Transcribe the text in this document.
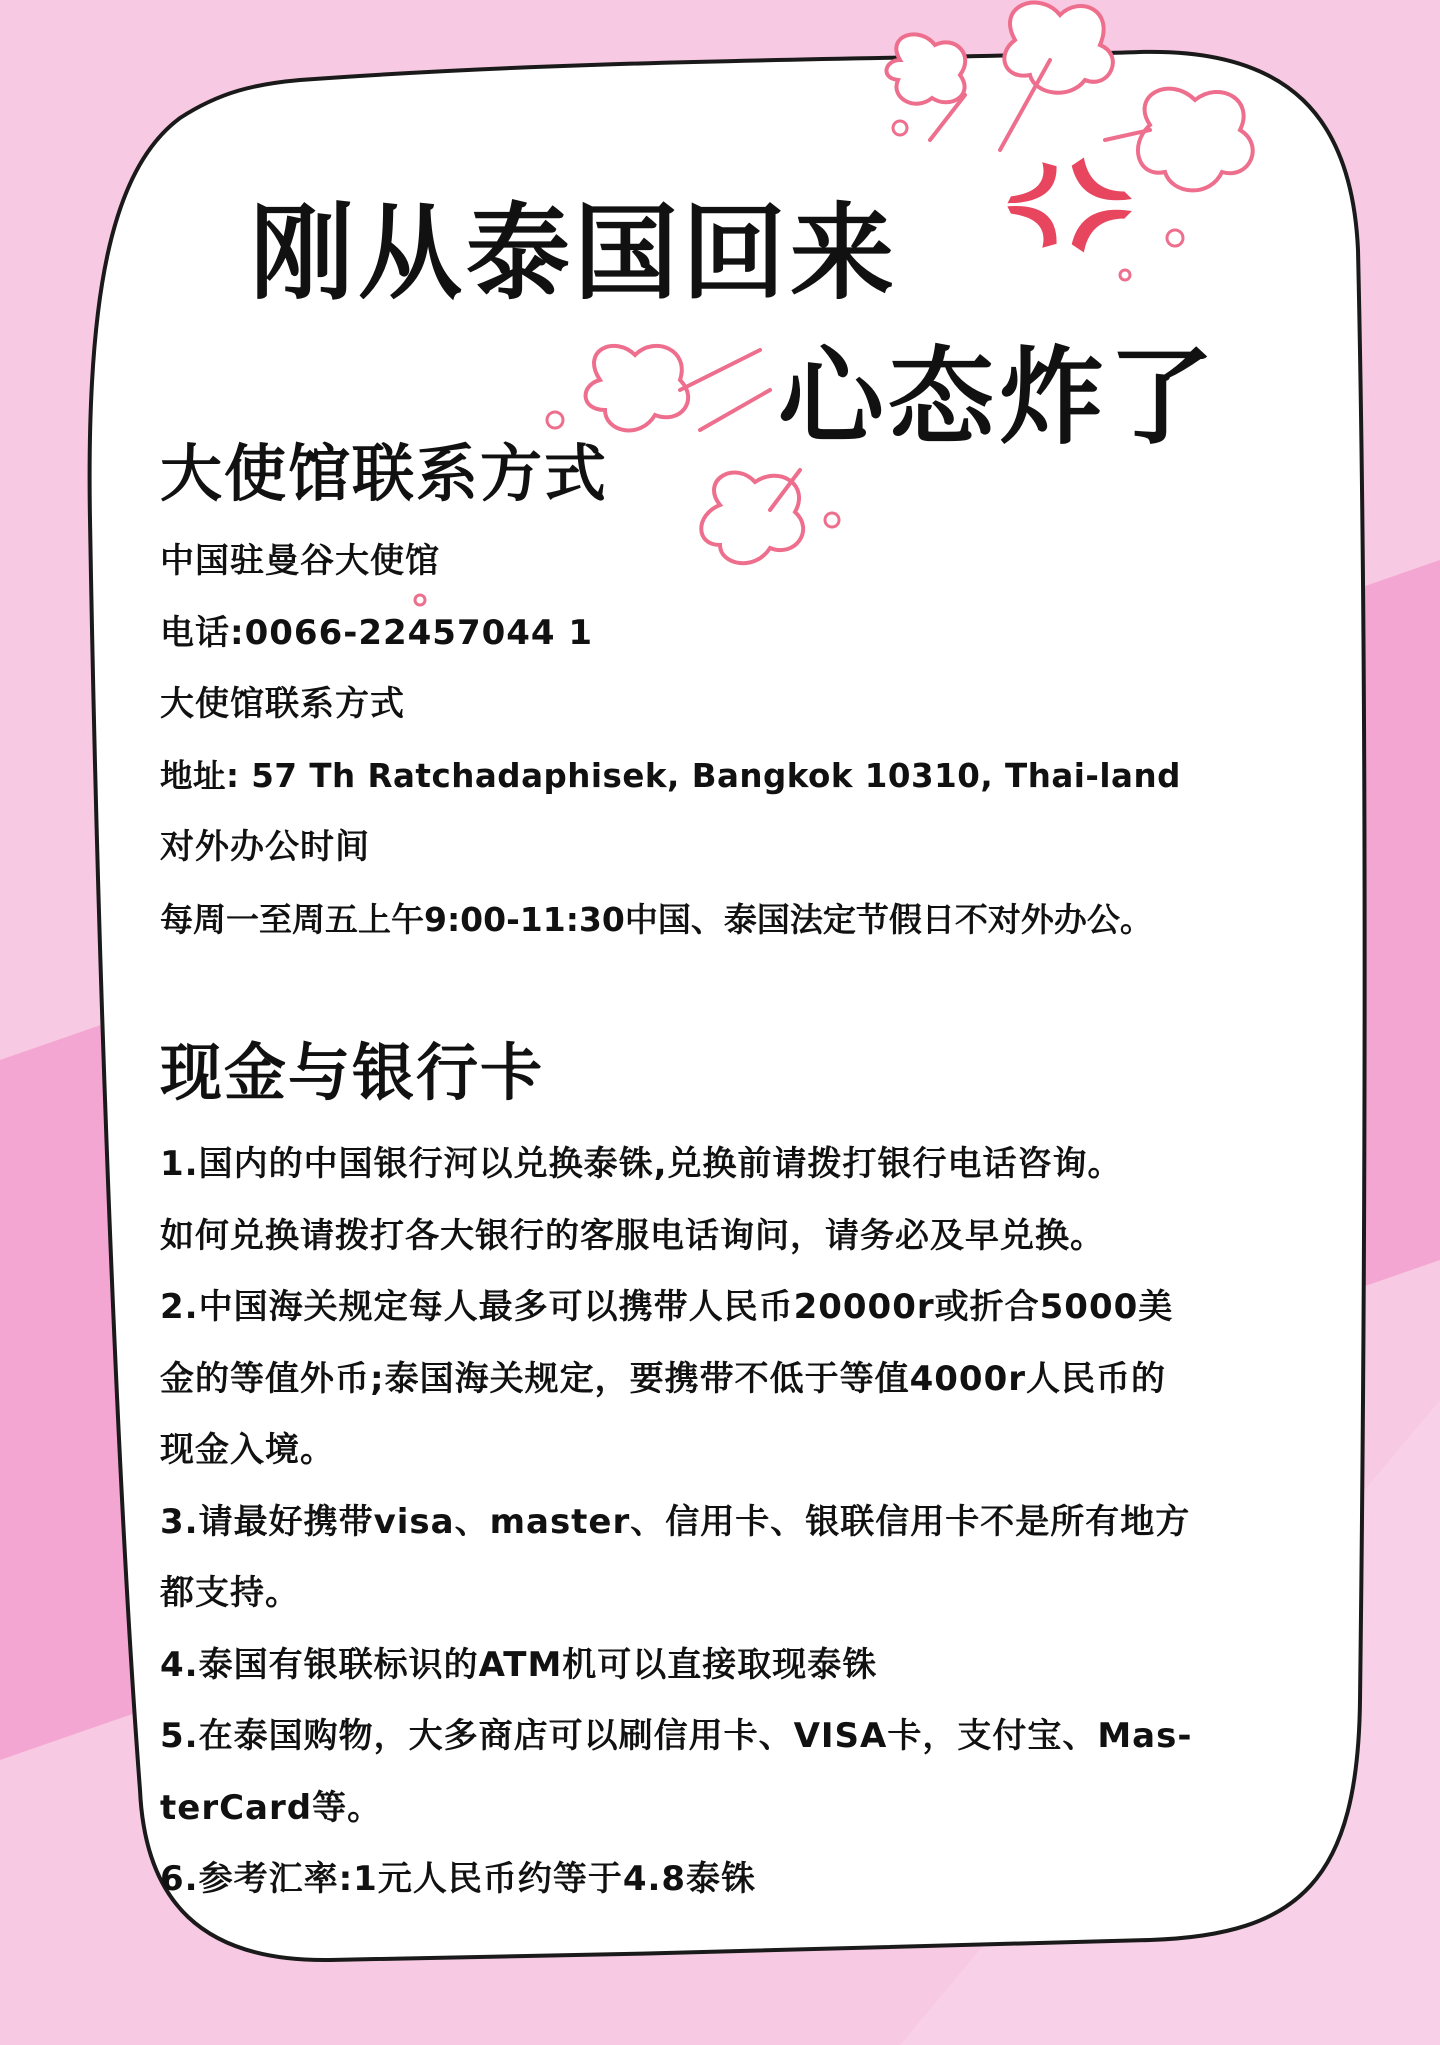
刚从泰国回来
心态炸了
大使馆联系方式

中国驻曼谷大使馆

电话:0066-22457044 1

大使馆联系方式

地址: 57 Th Ratchadaphisek, Bangkok 10310, Thai-land

对外办公时间

每周一至周五上午9:00-11:30中国、泰国法定节假日不对外办公。

现金与银行卡

1.国内的中国银行河以兑换泰铢,兑换前请拨打银行电话咨询。

如何兑换请拨打各大银行的客服电话询问，请务必及早兑换。

2.中国海关规定每人最多可以携带人民币20000r或折合5000美

金的等值外币;泰国海关规定，要携带不低于等值4000r人民币的

现金入境。

3.请最好携带visa、master、信用卡、银联信用卡不是所有地方

都支持。

4.泰国有银联标识的ATM机可以直接取现泰铢

5.在泰国购物，大多商店可以刷信用卡、VISA卡，支付宝、Mas-

terCard等。

6.参考汇率:1元人民币约等于4.8泰铢
